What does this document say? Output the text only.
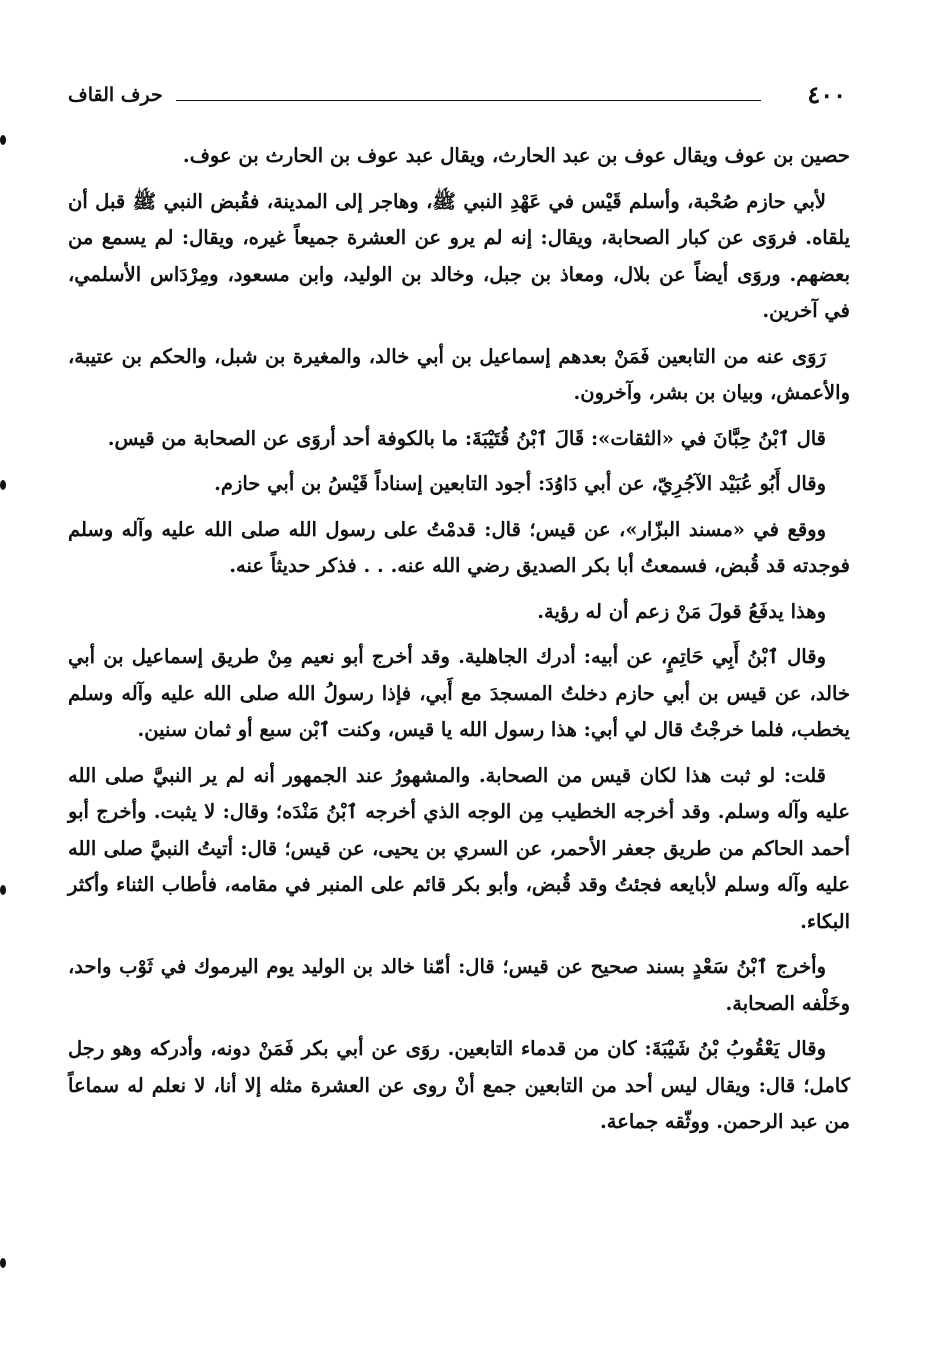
٤٠٠
حرف القاف

حصين بن عوف ويقال عوف بن عبد الحارث، ويقال عبد عوف بن الحارث بن عوف.

لأبي حازم صُحْبة، وأسلم قَيْس في عَهْدِ النبي ﷺ، وهاجر إلى المدينة، فقُبض النبي ﷺ قبل أن يلقاه. فروَى عن كبار الصحابة، ويقال: إنه لم يرو عن العشرة جميعاً غيره، ويقال: لم يسمع من بعضهم. وروَى أيضاً عن بلال، ومعاذ بن جبل، وخالد بن الوليد، وابن مسعود، ومِرْدَاس الأسلمي، في آخرين.

رَوَى عنه من التابعين فَمَنْ بعدهم إسماعيل بن أبي خالد، والمغيرة بن شبل، والحكم بن عتيبة، والأعمش، وبيان بن بشر، وآخرون.

قال ٱبْنُ حِبَّانَ في «الثقات»: قَالَ ٱبْنُ قُتَيْبَةَ: ما بالكوفة أحد أروَى عن الصحابة من قيس.

وقال أَبُو عُبَيْد الآجُرِيّ، عن أبي دَاوُدَ: أجود التابعين إسناداً قَيْسُ بن أبي حازم.

ووقع في «مسند البزّار»، عن قيس؛ قال: قدمْتُ على رسول الله صلى الله عليه وآله وسلم فوجدته قد قُبض، فسمعتُ أبا بكر الصديق رضي الله عنه. . . فذكر حديثاً عنه.

وهذا يدفَعُ قولَ مَنْ زعم أن له رؤية.

وقال ٱبْنُ أَبِي حَاتِمٍ، عن أبيه: أدرك الجاهلية. وقد أخرج أبو نعيم مِنْ طريق إسماعيل بن أبي خالد، عن قيس بن أبي حازم دخلتُ المسجدَ مع أَبي، فإذا رسولُ الله صلى الله عليه وآله وسلم يخطب، فلما خرجْتُ قال لي أبي: هذا رسول الله يا قيس، وكنت ٱبْن سبع أو ثمان سنين.

قلت: لو ثبت هذا لكان قيس من الصحابة. والمشهورُ عند الجمهور أنه لم ير النبيَّ صلى الله عليه وآله وسلم. وقد أخرجه الخطيب مِن الوجه الذي أخرجه ٱبْنُ مَنْدَه؛ وقال: لا يثبت. وأخرج أبو أحمد الحاكم من طريق جعفر الأحمر، عن السري بن يحيى، عن قيس؛ قال: أتيتُ النبيَّ صلى الله عليه وآله وسلم لأبايعه فجئتُ وقد قُبض، وأبو بكر قائم على المنبر في مقامه، فأطاب الثناء وأكثر البكاء.

وأخرج ٱبْنُ سَعْدٍ بسند صحيح عن قيس؛ قال: أمّنا خالد بن الوليد يوم اليرموك في ثَوْب واحد، وخَلْفه الصحابة.

وقال يَعْقُوبُ بْنُ شَيْبَةَ: كان من قدماء التابعين. روَى عن أبي بكر فَمَنْ دونه، وأدركه وهو رجل كامل؛ قال: ويقال ليس أحد من التابعين جمع أنْ روى عن العشرة مثله إلا أنا، لا نعلم له سماعاً من عبد الرحمن. ووثّقه جماعة.
